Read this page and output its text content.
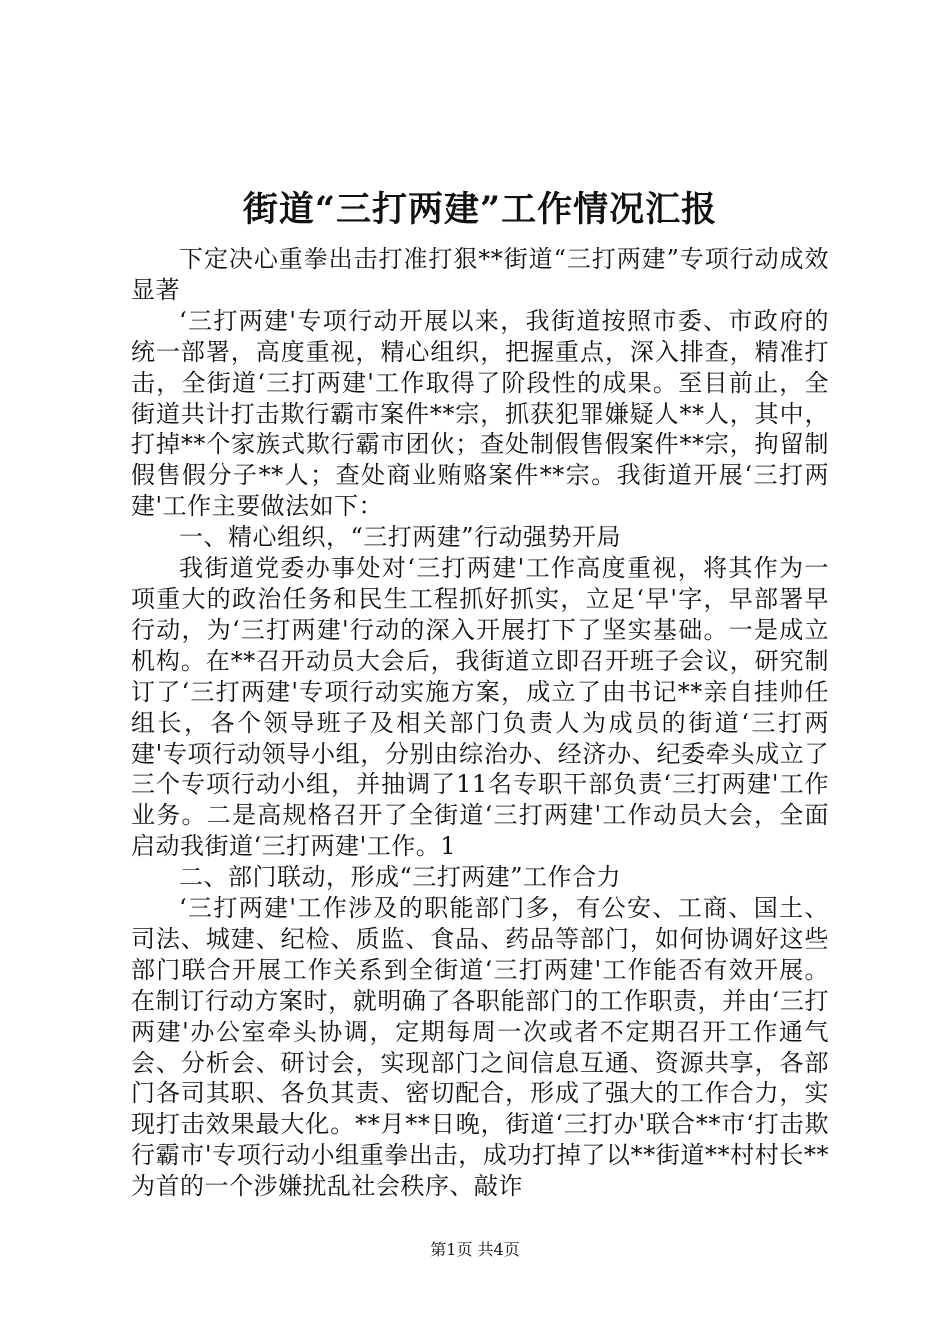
街道“三打两建”工作情况汇报

下定决心重拳出击打准打狠**街道“三打两建”专项行动成效显著

‘三打两建'专项行动开展以来，我街道按照市委、市政府的统一部署，高度重视，精心组织，把握重点，深入排查，精准打击，全街道‘三打两建'工作取得了阶段性的成果。至目前止，全街道共计打击欺行霸市案件**宗，抓获犯罪嫌疑人**人，其中，打掉**个家族式欺行霸市团伙；查处制假售假案件**宗，拘留制假售假分子**人；查处商业贿赂案件**宗。我街道开展‘三打两建'工作主要做法如下：

一、精心组织，“三打两建”行动强势开局

我街道党委办事处对‘三打两建'工作高度重视，将其作为一项重大的政治任务和民生工程抓好抓实，立足‘早'字，早部署早行动，为‘三打两建'行动的深入开展打下了坚实基础。一是成立机构。在**召开动员大会后，我街道立即召开班子会议，研究制订了‘三打两建'专项行动实施方案，成立了由书记**亲自挂帅任组长，各个领导班子及相关部门负责人为成员的街道‘三打两建'专项行动领导小组，分别由综治办、经济办、纪委牵头成立了三个专项行动小组，并抽调了11名专职干部负责‘三打两建'工作业务。二是高规格召开了全街道‘三打两建'工作动员大会，全面启动我街道‘三打两建'工作。1

二、部门联动，形成“三打两建”工作合力

‘三打两建'工作涉及的职能部门多，有公安、工商、国土、司法、城建、纪检、质监、食品、药品等部门，如何协调好这些部门联合开展工作关系到全街道‘三打两建'工作能否有效开展。在制订行动方案时，就明确了各职能部门的工作职责，并由‘三打两建'办公室牵头协调，定期每周一次或者不定期召开工作通气会、分析会、研讨会，实现部门之间信息互通、资源共享，各部门各司其职、各负其责、密切配合，形成了强大的工作合力，实现打击效果最大化。**月**日晚，街道‘三打办'联合**市‘打击欺行霸市'专项行动小组重拳出击，成功打掉了以**街道**村村长**为首的一个涉嫌扰乱社会秩序、敲诈

第1页 共4页
